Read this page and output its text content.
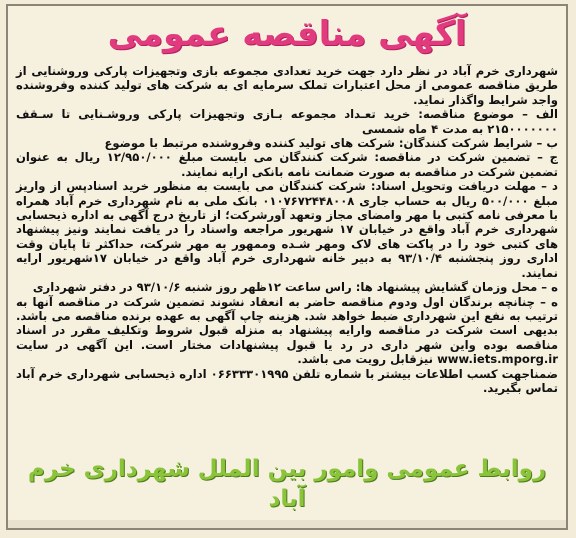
آگهی مناقصه عمومی

شهرداری خرم آباد در نظر دارد جهت خرید تعدادی مجموعه بازی وتجهیزات پارکی وروشنایی از طریق مناقصه عمومی از محل اعتبارات تملک سرمایه ای به شرکت های تولید کننده وفروشنده واجد شرایط واگذار نماید.

الف – موضوع مناقصه: خرید تعـداد مجموعه بـازی وتجهیزات پارکی وروشـنایی تا سـقف ۲۱۵۰۰۰۰۰۰۰ به مدت ۴ ماه شمسی

ب – شرایط شرکت کنندگان: شرکت های تولید کننده وفروشنده مرتبط با موضوع

ج – تضمین شرکت در مناقصه: شرکت کنندگان می بایست مبلغ ۱۲/۹۵۰/۰۰۰ ریال به عنوان تضمین شرکت در مناقصه به صورت ضمانت نامه بانکی ارایه نمایند.

د – مهلت دریافت وتحویل اسناد: شرکت کنندگان می بایست به منظور خرید اسنادپس از واریز مبلغ ۵۰۰/۰۰۰ ریال به حساب جاری ۰۱۰۷۶۷۲۴۴۸۰۰۸ بانک ملی به نام شهرداری خرم آباد همراه با معرفی نامه کتبی با مهر وامضای مجاز وتعهد آورشرکت؛ از تاریخ درج آگهی به اداره ذیحسابی شهرداری خرم آباد واقع در خیابان ۱۷ شهریور مراجعه واسناد را در یافت نمایند ونیز پیشنهاد های کتبی خود را در پاکت های لاک ومهر شـده وممهور به مهر شرکت، حداکثر تا پایان وقت اداری روز پنجشنبه ۹۳/۱۰/۴ به دبیر خانه شهرداری خرم آباد واقع در خیابان ۱۷شهریور ارایه نمایند.

ه – محل وزمان گشایش پیشنهاد ها: راس ساعت ۱۲ظهر روز شنبه ۹۳/۱۰/۶ در دفتر شهرداری

ه – چنانچه برندگان اول ودوم مناقصه حاضر به انعقاد نشوند تضمین شرکت در مناقصه آنها به ترتیب به نفع این شهرداری ضبط خواهد شد. هزینه چاپ آگهی به عهده برنده مناقصه می باشد. بدیهی است شرکت در مناقصه وارایه پیشنهاد به منزله قبول شروط وتکلیف مقرر در اسناد مناقصه بوده واین شهر داری در رد یا قبول پیشنهادات مختار است. این آگهی در سایت www.iets.mporg.ir نیزقابل رویت می باشد.

ضمناجهت کسب اطلاعات بیشتر با شماره تلفن ۰۶۶۳۳۳۰۱۹۹۵ اداره ذیحسابی شهرداری خرم آباد تماس بگیرید.

روابط عمومی وامور بین الملل شهرداری خرم آباد
